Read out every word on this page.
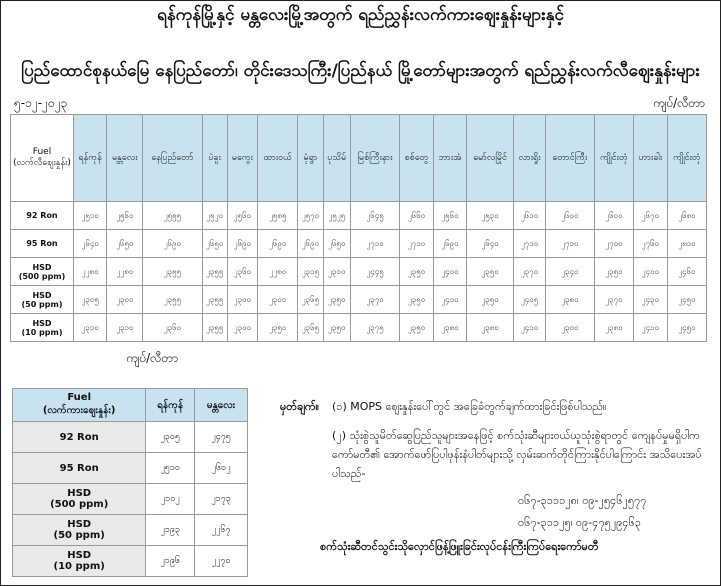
ရန်ကုန်မြို့နှင့် မန္တလေးမြို့အတွက် ရည်ညွှန်းလက်ကားဈေးနှုန်းများနှင့်
ပြည်ထောင်စုနယ်မြေ နေပြည်တော်၊ တိုင်းဒေသကြီး/ပြည်နယ် မြို့တော်များအတွက် ရည်ညွှန်းလက်လီဈေးနှုန်းများ
၅-၁၂-၂၀၂၃	ကျပ်/လီတာ
Fuel
(လက်လီဈေးနှုန်း)	ရန်ကုန်	မန္တလေး	နေပြည်တော်	ပဲခူး	မကွေး	ထားဝယ်	မုံရွာ	ပုသိမ်	မြစ်ကြီးနား	စစ်တွေ	ဘားအံ	မော်လမြိုင်	လားရှိုး	တောင်ကြီး	ကျိုင်းတုံ	ဟားခါး	ကျိုင်းတုံ
92 Ron	၂၅၁၀	၂၅၆၀	၂၅၅၅	၂၅၂၀	၂၅၆၀	၂၅၈၅	၂၅၇၀	၂၅၂၅	၂၆၄၅	၂၆၆၀	၂၅၆၀	၂၅၃၀	၂၆၁၀	၂၆၀၀	၂၆၀၀	၂၆၇၀	၂၆၈၀
95 Ron	၂၆၄၀	၂၆၅၀	၂၆၉၀	၂၆၅၀	၂၆၉၀	၂၆၉၀	၂၆၉၀	၂၆၅၀	၂၇၁၀	၂၇၁၀	၂၆၉၀	၂၆၄၀	၂၇၁၀	၂၇၁၀	၂၇၀၀	၂၇၆၀	၂၈၁၀
HSD
(500 ppm)	၂၂၈၀	၂၂၈၀	၂၃၅၅	၂၃၅၅	၂၃၆၀	၂၂၈၀	၂၃၁၅	၂၃၀၀	၂၄၄၅	၂၃၅၀	၂၄၀၀	၂၃၅၀	၂၃၇၀	၂၃၄၀	၂၃၅၀	၂၄၀၀	၂၄၆၀
HSD
(50 ppm)	၂၃၀၅	၂၃၀၀	၂၃၅၅	၂၃၅၅	၂၃၀၀	၂၃၀၀	၂၃၆၅	၂၃၅၀	၂၃၇၀	၂၃၅၀	၂၄၁၀	၂၃၅၀	၂၄၀၅	၂၃၈၀	၂၃၇၀	၂၄၃၀	၂၄၅၀
HSD
(10 ppm)	၂၃၁၀	၂၃၁၀	၂၃၆၀	၂၃၅၅	၂၃၀၀	၂၃၅၀	၂၃၆၅	၂၃၅၀	၂၃၇၅	၂၃၅၀	၂၃၈၀	၂၃၈၀	၂၄၁၀	၂၃၀၀	၂၃၈၀	၂၄၁၀	၂၄၅၀
ကျပ်/လီတာ
Fuel
(လက်ကားဈေးနှုန်း)	ရန်ကုန်	မန္တလေး
92 Ron	၂၃၀၅	၂၄၇၅
95 Ron	၂၅၁၀	၂၆၀၂
HSD
(500 ppm)	၂၁၀၂	၂၁၇၃
HSD
(50 ppm)	၂၁၉၃	၂၂၆၇
HSD
(10 ppm)	၂၁၉၆	၂၂၇၀
မှတ်ချက်။ (၁) MOPS ဈေးနှုန်းပေါ်တွင် အခြေခံတွက်ချက်ထားခြင်းဖြစ်ပါသည်။
(၂) သုံးစွဲသူမိတ်ဆွေပြည်သူများအနေဖြင့် စက်သုံးဆီများဝယ်ယူသုံးစွဲရာတွင် ကျေနပ်မှုမရှိပါက ကော်မတီ၏ အောက်ဖော်ပြပါဖုန်းနံပါတ်များသို့ လှမ်းဆက်တိုင်ကြားနိုင်ပါကြောင်း အသိပေးအပ်ပါသည်-
၀၆၇-၃၁၁၁၂၈၊ ၀၉-၂၅၄၆၂၅၇၇
၀၆၇-၃၁၁၂၅၊ ၀၉-၄၇၅၂၉၄၆၃
စက်သုံးဆီတင်သွင်းသိုလှောင်ဖြန့်ဖြူးခြင်းလုပ်ငန်းကြီးကြပ်ရေးကော်မတီ
